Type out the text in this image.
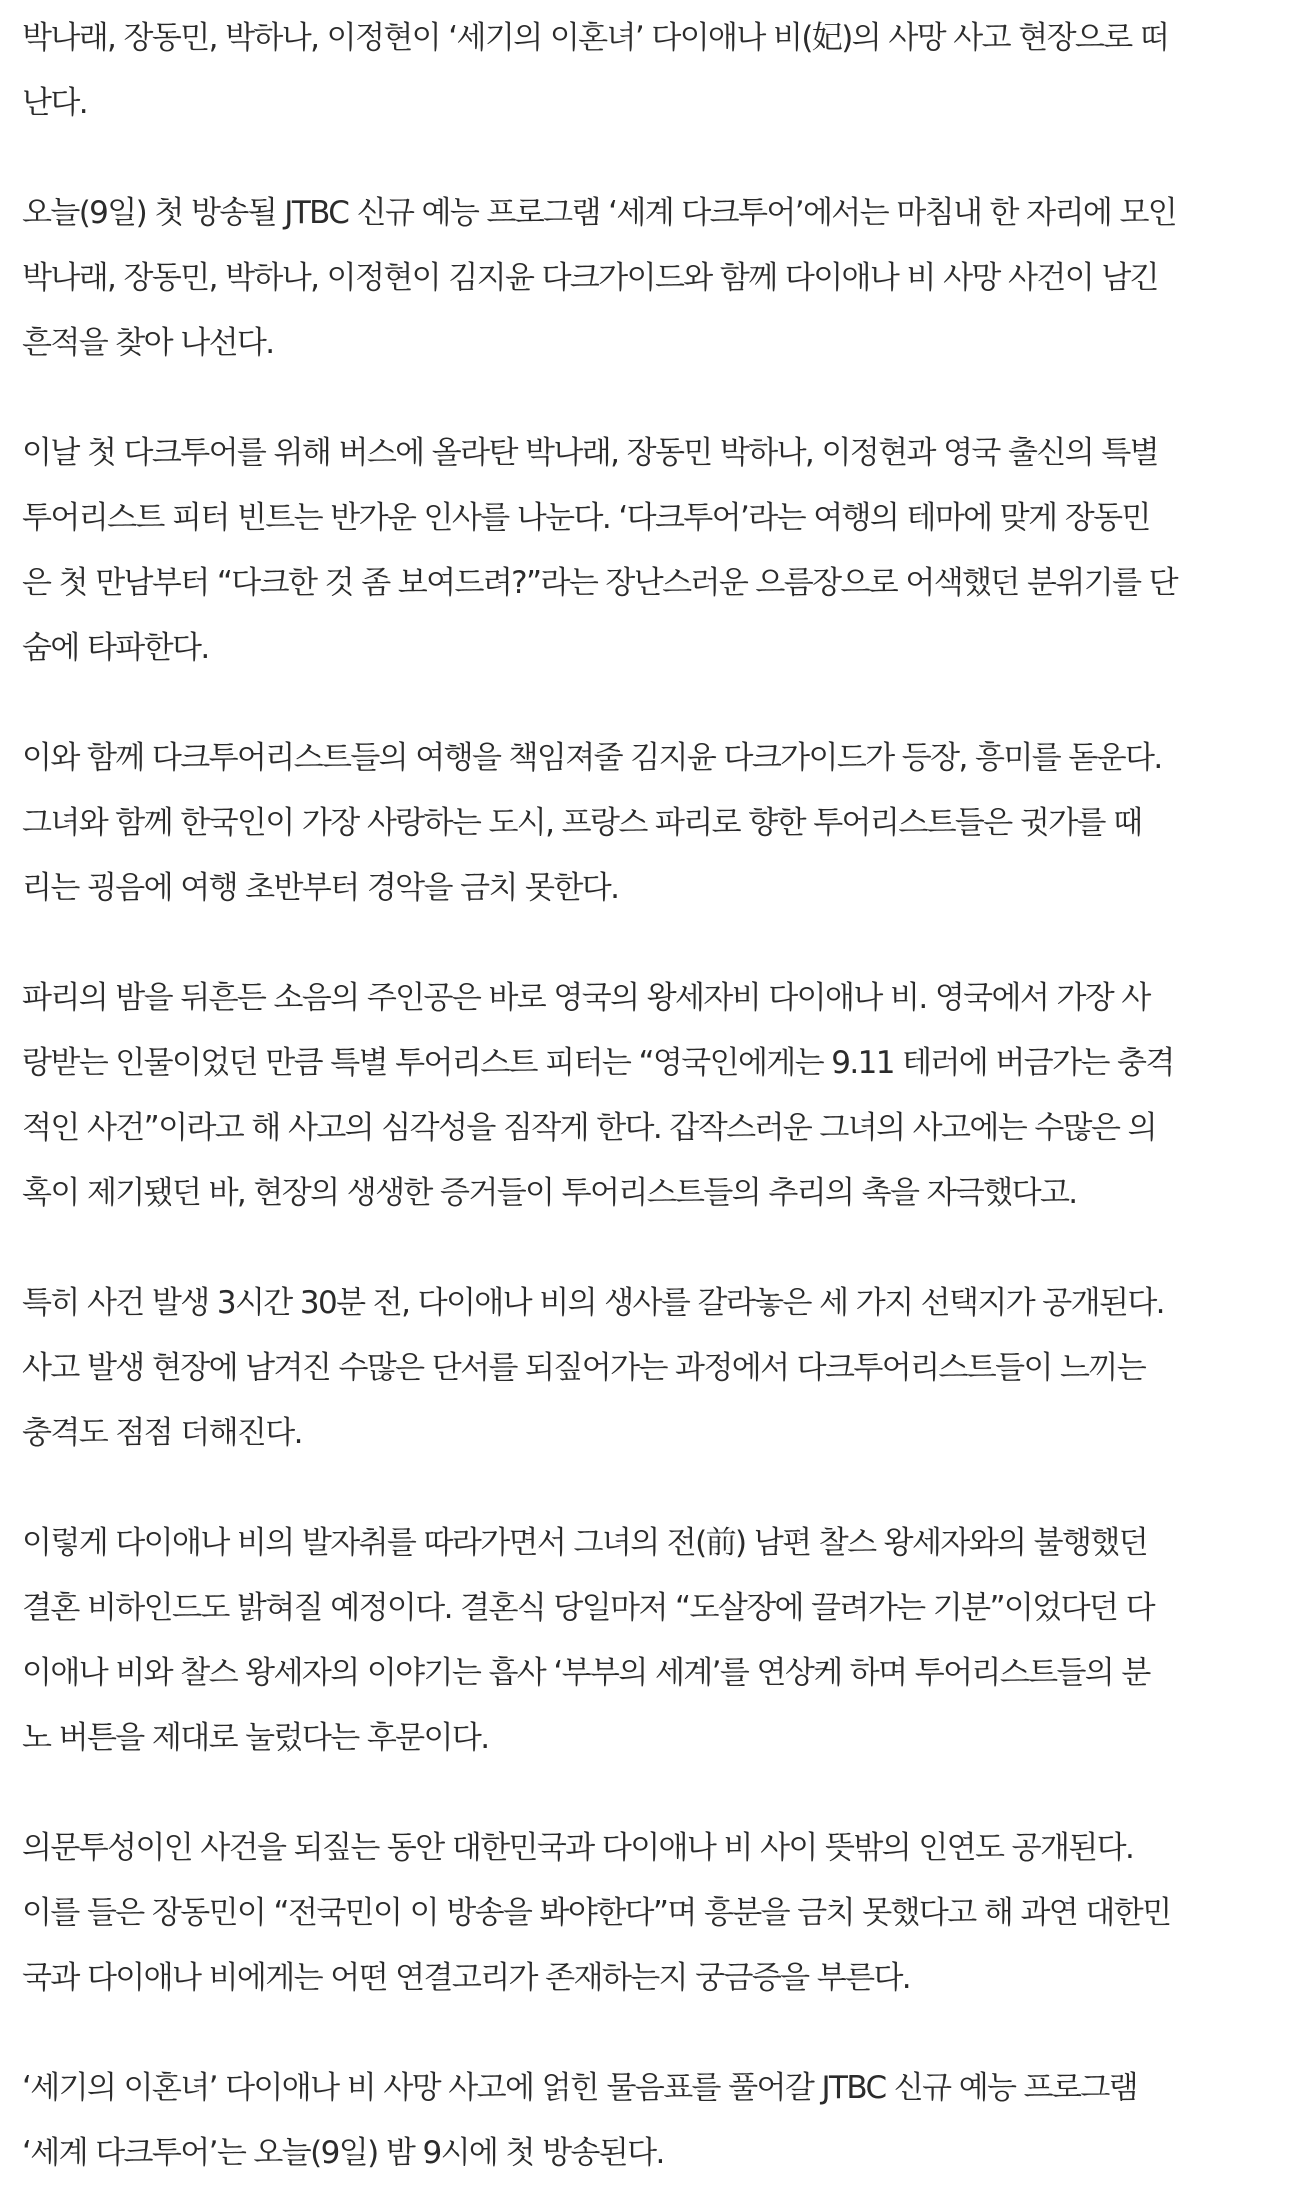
박나래, 장동민, 박하나, 이정현이 ‘세기의 이혼녀’ 다이애나 비(妃)의 사망 사고 현장으로 떠
난다.

오늘(9일) 첫 방송될 JTBC 신규 예능 프로그램 ‘세계 다크투어’에서는 마침내 한 자리에 모인
박나래, 장동민, 박하나, 이정현이 김지윤 다크가이드와 함께 다이애나 비 사망 사건이 남긴
흔적을 찾아 나선다.

이날 첫 다크투어를 위해 버스에 올라탄 박나래, 장동민 박하나, 이정현과 영국 출신의 특별
투어리스트 피터 빈트는 반가운 인사를 나눈다. ‘다크투어’라는 여행의 테마에 맞게 장동민
은 첫 만남부터 “다크한 것 좀 보여드려?”라는 장난스러운 으름장으로 어색했던 분위기를 단
숨에 타파한다.

이와 함께 다크투어리스트들의 여행을 책임져줄 김지윤 다크가이드가 등장, 흥미를 돋운다.
그녀와 함께 한국인이 가장 사랑하는 도시, 프랑스 파리로 향한 투어리스트들은 귓가를 때
리는 굉음에 여행 초반부터 경악을 금치 못한다.

파리의 밤을 뒤흔든 소음의 주인공은 바로 영국의 왕세자비 다이애나 비. 영국에서 가장 사
랑받는 인물이었던 만큼 특별 투어리스트 피터는 “영국인에게는 9.11 테러에 버금가는 충격
적인 사건”이라고 해 사고의 심각성을 짐작게 한다. 갑작스러운 그녀의 사고에는 수많은 의
혹이 제기됐던 바, 현장의 생생한 증거들이 투어리스트들의 추리의 촉을 자극했다고.

특히 사건 발생 3시간 30분 전, 다이애나 비의 생사를 갈라놓은 세 가지 선택지가 공개된다.
사고 발생 현장에 남겨진 수많은 단서를 되짚어가는 과정에서 다크투어리스트들이 느끼는
충격도 점점 더해진다.

이렇게 다이애나 비의 발자취를 따라가면서 그녀의 전(前) 남편 찰스 왕세자와의 불행했던
결혼 비하인드도 밝혀질 예정이다. 결혼식 당일마저 “도살장에 끌려가는 기분”이었다던 다
이애나 비와 찰스 왕세자의 이야기는 흡사 ‘부부의 세계’를 연상케 하며 투어리스트들의 분
노 버튼을 제대로 눌렀다는 후문이다.

의문투성이인 사건을 되짚는 동안 대한민국과 다이애나 비 사이 뜻밖의 인연도 공개된다.
이를 들은 장동민이 “전국민이 이 방송을 봐야한다”며 흥분을 금치 못했다고 해 과연 대한민
국과 다이애나 비에게는 어떤 연결고리가 존재하는지 궁금증을 부른다.

‘세기의 이혼녀’ 다이애나 비 사망 사고에 얽힌 물음표를 풀어갈 JTBC 신규 예능 프로그램
‘세계 다크투어’는 오늘(9일) 밤 9시에 첫 방송된다.
